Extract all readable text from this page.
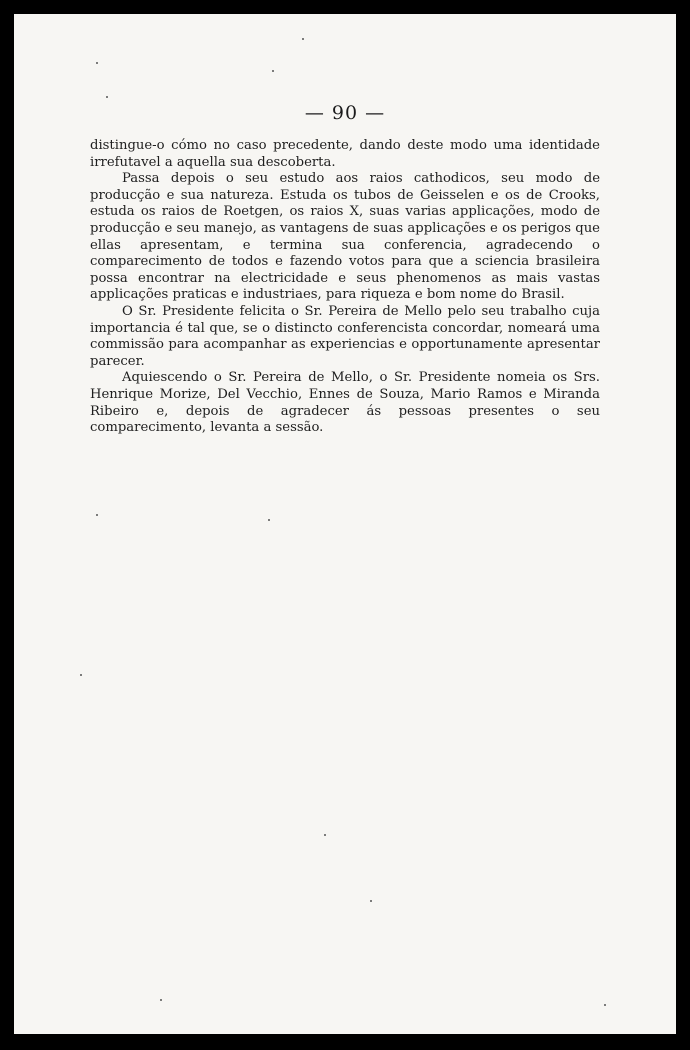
— 90 —

distingue-o cómo no caso precedente, dando deste modo uma identidade irrefutavel a aquella sua descoberta.

Passa depois o seu estudo aos raios cathodicos, seu modo de producção e sua natureza. Estuda os tubos de Geisselen e os de Crooks, estuda os raios de Roetgen, os raios X, suas varias applicações, modo de producção e seu manejo, as vantagens de suas applicações e os perigos que ellas apresentam, e termina sua conferencia, agradecendo o comparecimento de todos e fazendo votos para que a sciencia brasileira possa encontrar na electricidade e seus phenomenos as mais vastas applicações praticas e industriaes, para riqueza e bom nome do Brasil.

O Sr. Presidente felicita o Sr. Pereira de Mello pelo seu trabalho cuja importancia é tal que, se o distincto conferencista concordar, nomeará uma commissão para acompanhar as experiencias e opportunamente apresentar parecer.

Aquiescendo o Sr. Pereira de Mello, o Sr. Presidente nomeia os Srs. Henrique Morize, Del Vecchio, Ennes de Souza, Mario Ramos e Miranda Ribeiro e, depois de agradecer ás pessoas presentes o seu comparecimento, levanta a sessão.
